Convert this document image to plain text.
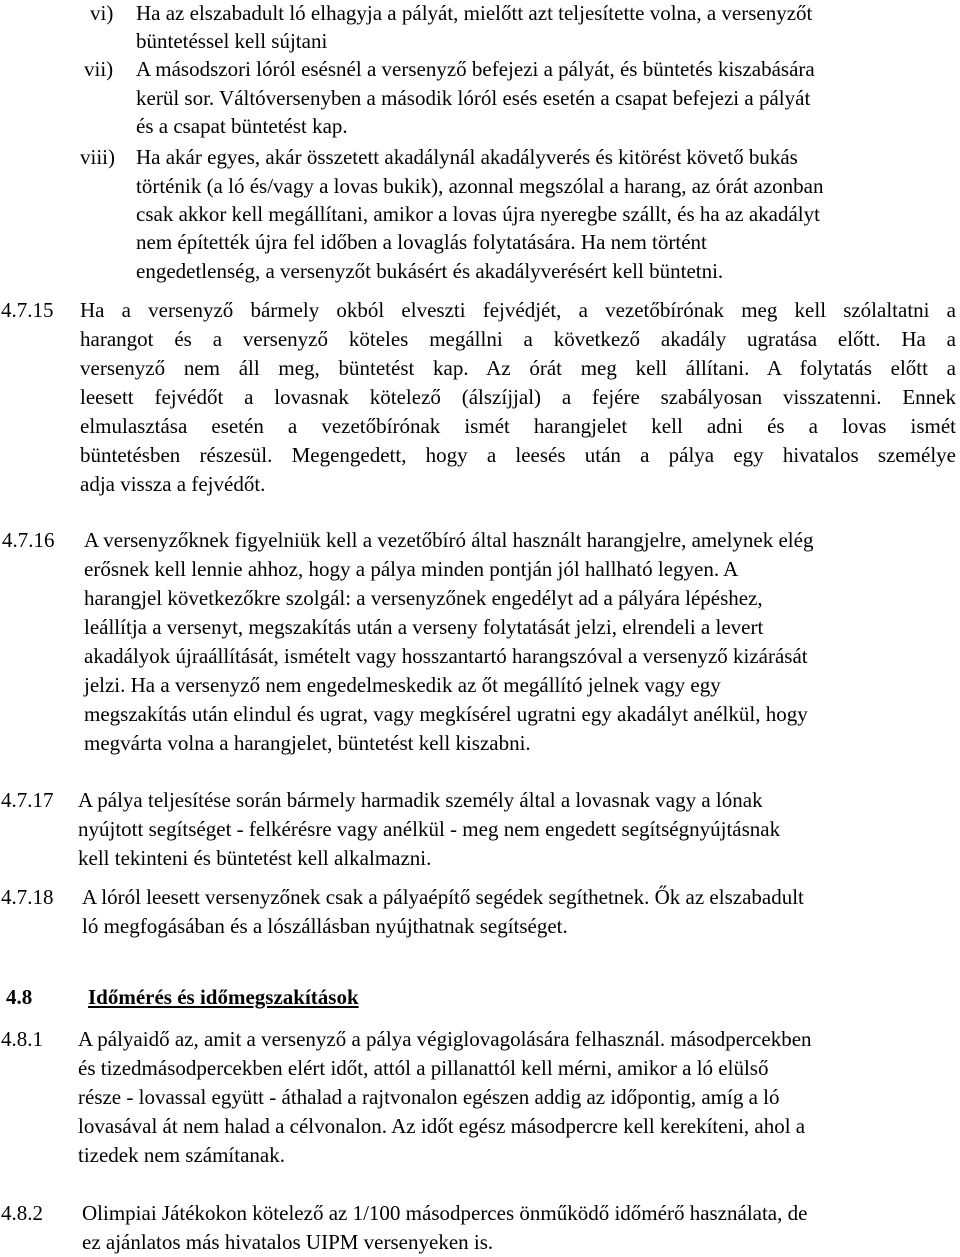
vi) Ha az elszabadult ló elhagyja a pályát, mielőtt azt teljesítette volna, a versenyzőt
büntetéssel kell sújtani
vii) A másodszori lóról esésnél a versenyző befejezi a pályát, és büntetés kiszabására
kerül sor. Váltóversenyben a második lóról esés esetén a csapat befejezi a pályát
és a csapat büntetést kap.
viii) Ha akár egyes, akár összetett akadálynál akadályverés és kitörést követő bukás
történik (a ló és/vagy a lovas bukik), azonnal megszólal a harang, az órát azonban
csak akkor kell megállítani, amikor a lovas újra nyeregbe szállt, és ha az akadályt
nem építették újra fel időben a lovaglás folytatására. Ha nem történt
engedetlenség, a versenyzőt bukásért és akadályverésért kell büntetni.
4.7.15 Ha a versenyző bármely okból elveszti fejvédjét, a vezetőbírónak meg kell szólaltatni a
harangot és a versenyző köteles megállni a következő akadály ugratása előtt. Ha a
versenyző nem áll meg, büntetést kap. Az órát meg kell állítani. A folytatás előtt a
leesett fejvédőt a lovasnak kötelező (álszíjjal) a fejére szabályosan visszatenni. Ennek
elmulasztása esetén a vezetőbírónak ismét harangjelet kell adni és a lovas ismét
büntetésben részesül. Megengedett, hogy a leesés után a pálya egy hivatalos személye
adja vissza a fejvédőt.
4.7.16 A versenyzőknek figyelniük kell a vezetőbíró által használt harangjelre, amelynek elég
erősnek kell lennie ahhoz, hogy a pálya minden pontján jól hallható legyen. A
harangjel következőkre szolgál: a versenyzőnek engedélyt ad a pályára lépéshez,
leállítja a versenyt, megszakítás után a verseny folytatását jelzi, elrendeli a levert
akadályok újraállítását, ismételt vagy hosszantartó harangszóval a versenyző kizárását
jelzi. Ha a versenyző nem engedelmeskedik az őt megállító jelnek vagy egy
megszakítás után elindul és ugrat, vagy megkísérel ugratni egy akadályt anélkül, hogy
megvárta volna a harangjelet, büntetést kell kiszabni.
4.7.17 A pálya teljesítése során bármely harmadik személy által a lovasnak vagy a lónak
nyújtott segítséget - felkérésre vagy anélkül - meg nem engedett segítségnyújtásnak
kell tekinteni és büntetést kell alkalmazni.
4.7.18 A lóról leesett versenyzőnek csak a pályaépítő segédek segíthetnek. Ők az elszabadult
ló megfogásában és a lószállásban nyújthatnak segítséget.
4.8	Időmérés és időmegszakítások
4.8.1 A pályaidő az, amit a versenyző a pálya végiglovagolására felhasznál. másodpercekben
és tizedmásodpercekben elért időt, attól a pillanattól kell mérni, amikor a ló elülső
része - lovassal együtt - áthalad a rajtvonalon egészen addig az időpontig, amíg a ló
lovasával át nem halad a célvonalon. Az időt egész másodpercre kell kerekíteni, ahol a
tizedek nem számítanak.
4.8.2 Olimpiai Játékokon kötelező az 1/100 másodperces önműködő időmérő használata, de
ez ajánlatos más hivatalos UIPM versenyeken is.
